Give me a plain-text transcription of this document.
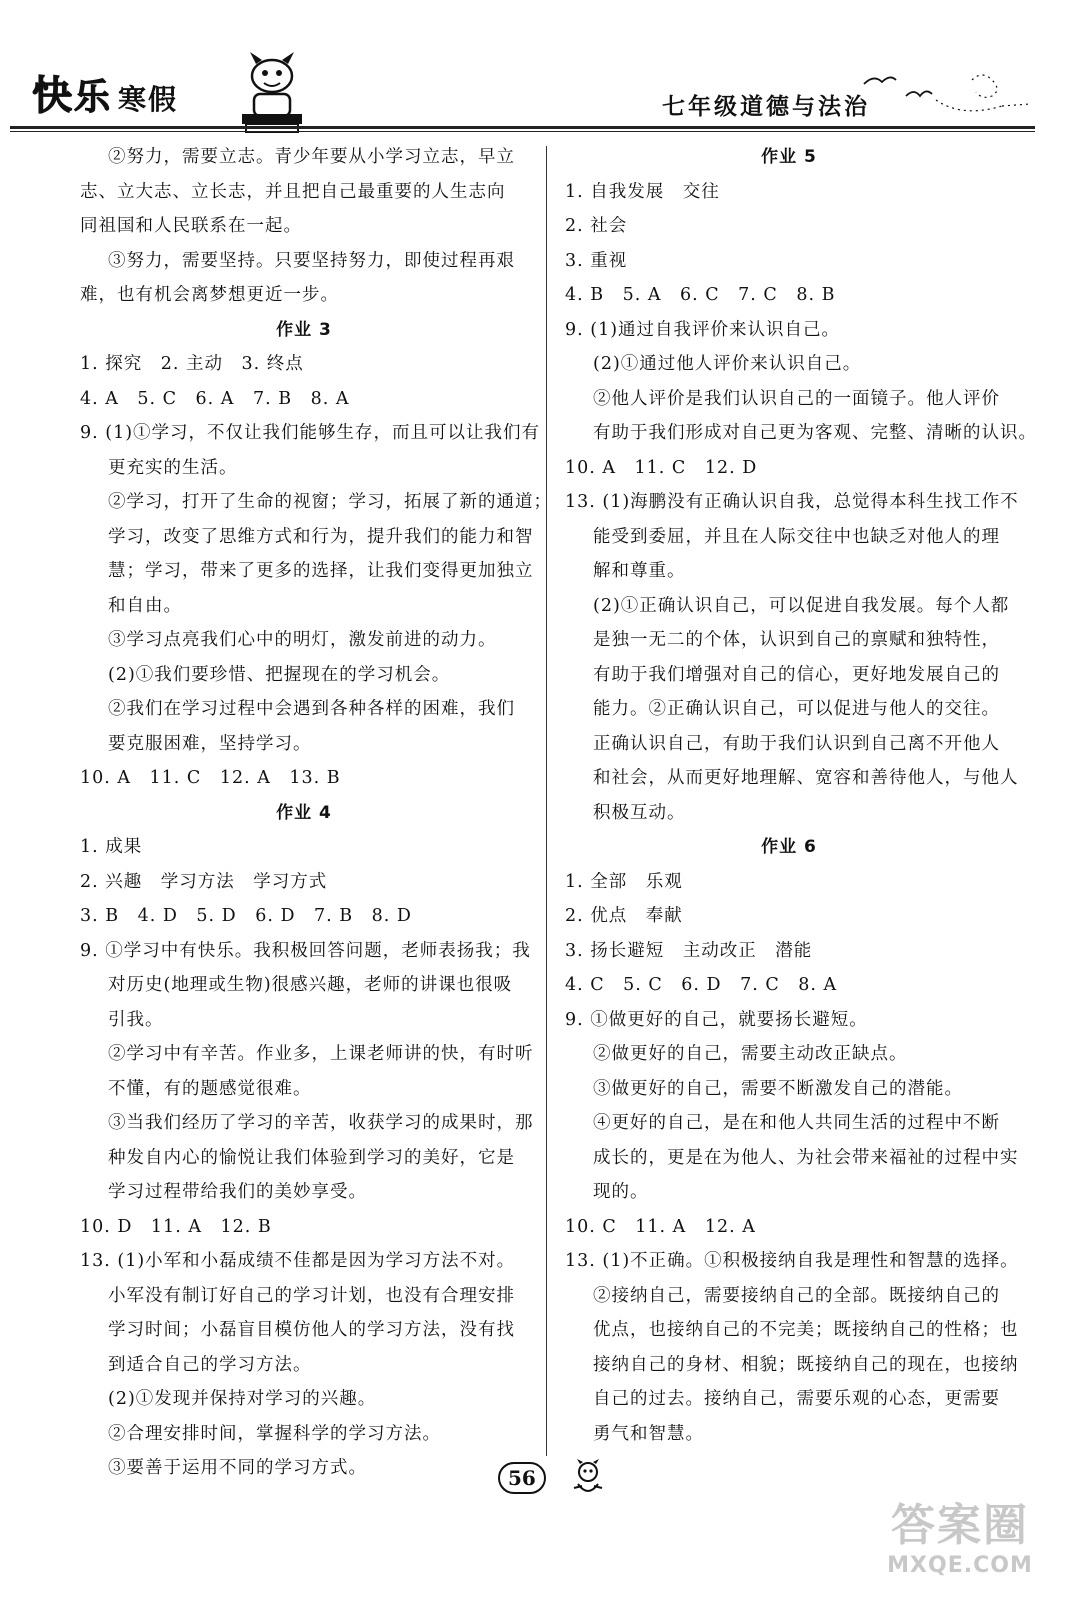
快乐 寒假	七年级道德与法治
②努力，需要立志。青少年要从小学习立志，早立
志、立大志、立长志，并且把自己最重要的人生志向
同祖国和人民联系在一起。
③努力，需要坚持。只要坚持努力，即使过程再艰
难，也有机会离梦想更近一步。
作业 3
1. 探究　2. 主动　3. 终点
4. A　5. C　6. A　7. B　8. A
9. (1)①学习，不仅让我们能够生存，而且可以让我们有
更充实的生活。
②学习，打开了生命的视窗；学习，拓展了新的通道；
学习，改变了思维方式和行为，提升我们的能力和智
慧；学习，带来了更多的选择，让我们变得更加独立
和自由。
③学习点亮我们心中的明灯，激发前进的动力。
(2)①我们要珍惜、把握现在的学习机会。
②我们在学习过程中会遇到各种各样的困难，我们
要克服困难，坚持学习。
10. A　11. C　12. A　13. B
作业 4
1. 成果
2. 兴趣　学习方法　学习方式
3. B　4. D　5. D　6. D　7. B　8. D
9. ①学习中有快乐。我积极回答问题，老师表扬我；我
对历史(地理或生物)很感兴趣，老师的讲课也很吸
引我。
②学习中有辛苦。作业多，上课老师讲的快，有时听
不懂，有的题感觉很难。
③当我们经历了学习的辛苦，收获学习的成果时，那
种发自内心的愉悦让我们体验到学习的美好，它是
学习过程带给我们的美妙享受。
10. D　11. A　12. B
13. (1)小军和小磊成绩不佳都是因为学习方法不对。
小军没有制订好自己的学习计划，也没有合理安排
学习时间；小磊盲目模仿他人的学习方法，没有找
到适合自己的学习方法。
(2)①发现并保持对学习的兴趣。
②合理安排时间，掌握科学的学习方法。
③要善于运用不同的学习方式。
作业 5
1. 自我发展　交往
2. 社会
3. 重视
4. B　5. A　6. C　7. C　8. B
9. (1)通过自我评价来认识自己。
(2)①通过他人评价来认识自己。
②他人评价是我们认识自己的一面镜子。他人评价
有助于我们形成对自己更为客观、完整、清晰的认识。
10. A　11. C　12. D
13. (1)海鹏没有正确认识自我，总觉得本科生找工作不
能受到委屈，并且在人际交往中也缺乏对他人的理
解和尊重。
(2)①正确认识自己，可以促进自我发展。每个人都
是独一无二的个体，认识到自己的禀赋和独特性，
有助于我们增强对自己的信心，更好地发展自己的
能力。②正确认识自己，可以促进与他人的交往。
正确认识自己，有助于我们认识到自己离不开他人
和社会，从而更好地理解、宽容和善待他人，与他人
积极互动。
作业 6
1. 全部　乐观
2. 优点　奉献
3. 扬长避短　主动改正　潜能
4. C　5. C　6. D　7. C　8. A
9. ①做更好的自己，就要扬长避短。
②做更好的自己，需要主动改正缺点。
③做更好的自己，需要不断激发自己的潜能。
④更好的自己，是在和他人共同生活的过程中不断
成长的，更是在为他人、为社会带来福祉的过程中实
现的。
10. C　11. A　12. A
13. (1)不正确。①积极接纳自我是理性和智慧的选择。
②接纳自己，需要接纳自己的全部。既接纳自己的
优点，也接纳自己的不完美；既接纳自己的性格；也
接纳自己的身材、相貌；既接纳自己的现在，也接纳
自己的过去。接纳自己，需要乐观的心态，更需要
勇气和智慧。
56
答案圈
MXQE.COM
